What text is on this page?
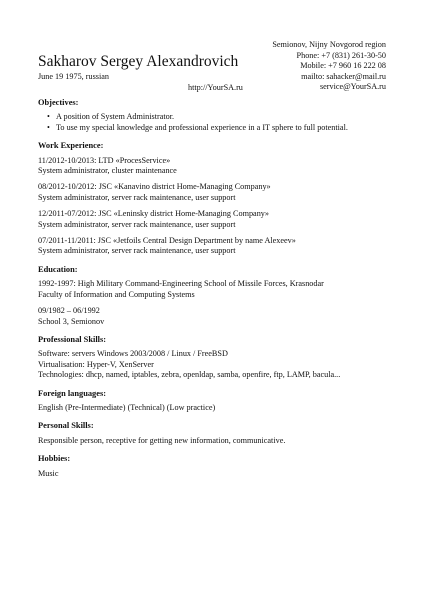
Semionov, Nijny Novgorod region
Phone: +7 (831) 261-30-50
Mobile: +7 960 16 222 08
mailto: sahacker@mail.ru
service@YourSA.ru
Sakharov Sergey Alexandrovich
June 19 1975, russian
http://YourSA.ru
Objectives:
• A position of System Administrator.
• To use my special knowledge and professional experience in a IT sphere to full potential.
Work Experience:
11/2012-10/2013: LTD «ProcesService»
System administrator, cluster maintenance
08/2012-10/2012: JSC «Kanavino district Home-Managing Company»
System administrator, server rack maintenance, user support
12/2011-07/2012: JSC «Leninsky district Home-Managing Company»
System administrator, server rack maintenance, user support
07/2011-11/2011: JSC «Jetfoils Central Design Department by name Alexeev»
System administrator, server rack maintenance, user support
Education:
1992-1997: High Military Command-Engineering School of Missile Forces, Krasnodar
Faculty of Information and Computing Systems
09/1982 – 06/1992
School 3, Semionov
Professional Skills:
Software: servers Windows 2003/2008 / Linux / FreeBSD
Virtualisation: Hyper-V, XenServer
Technologies: dhcp, named, iptables, zebra, openldap, samba, openfire, ftp, LAMP, bacula...
Foreign languages:
English (Pre-Intermediate) (Technical) (Low practice)
Personal Skills:
Responsible person, receptive for getting new information, communicative.
Hobbies:
Music
